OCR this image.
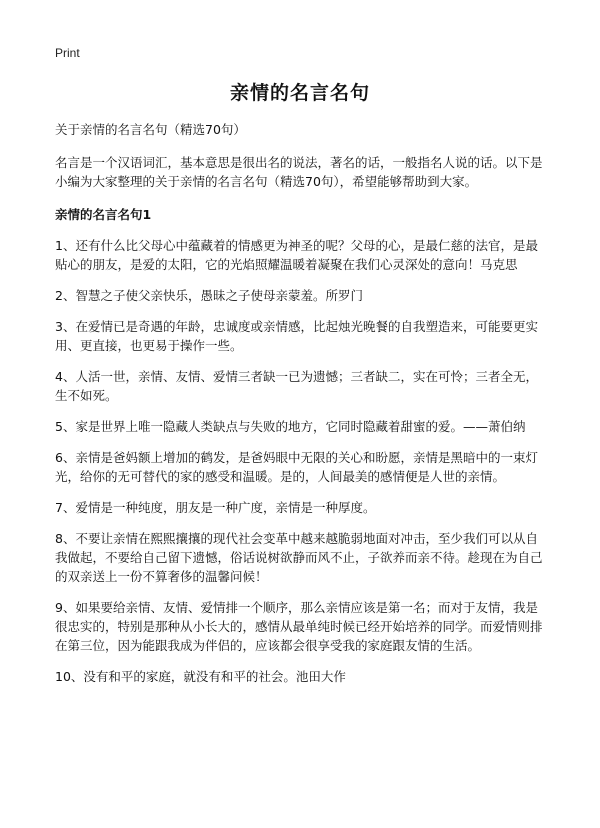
Print
亲情的名言名句

关于亲情的名言名句（精选70句）

名言是一个汉语词汇，基本意思是很出名的说法，著名的话，一般指名人说的话。以下是小编为大家整理的关于亲情的名言名句（精选70句），希望能够帮助到大家。

亲情的名言名句1

1、还有什么比父母心中蕴藏着的情感更为神圣的呢？父母的心，是最仁慈的法官，是最贴心的朋友，是爱的太阳，它的光焰照耀温暖着凝聚在我们心灵深处的意向！马克思

2、智慧之子使父亲快乐，愚昧之子使母亲蒙羞。所罗门

3、在爱情已是奇遇的年龄，忠诚度或亲情感，比起烛光晚餐的自我塑造来，可能要更实用、更直接，也更易于操作一些。

4、人活一世，亲情、友情、爱情三者缺一已为遗憾；三者缺二，实在可怜；三者全无，生不如死。

5、家是世界上唯一隐藏人类缺点与失败的地方，它同时隐藏着甜蜜的爱。——萧伯纳

6、亲情是爸妈额上增加的鹤发，是爸妈眼中无限的关心和盼愿，亲情是黑暗中的一束灯光，给你的无可替代的家的感受和温暖。是的，人间最美的感情便是人世的亲情。

7、爱情是一种纯度，朋友是一种广度，亲情是一种厚度。

8、不要让亲情在熙熙攘攘的现代社会变革中越来越脆弱地面对冲击，至少我们可以从自我做起，不要给自己留下遗憾，俗话说树欲静而风不止，子欲养而亲不待。趁现在为自己的双亲送上一份不算奢侈的温馨问候！

9、如果要给亲情、友情、爱情排一个顺序，那么亲情应该是第一名；而对于友情，我是很忠实的，特别是那种从小长大的，感情从最单纯时候已经开始培养的同学。而爱情则排在第三位，因为能跟我成为伴侣的，应该都会很享受我的家庭跟友情的生活。

10、没有和平的家庭，就没有和平的社会。池田大作
